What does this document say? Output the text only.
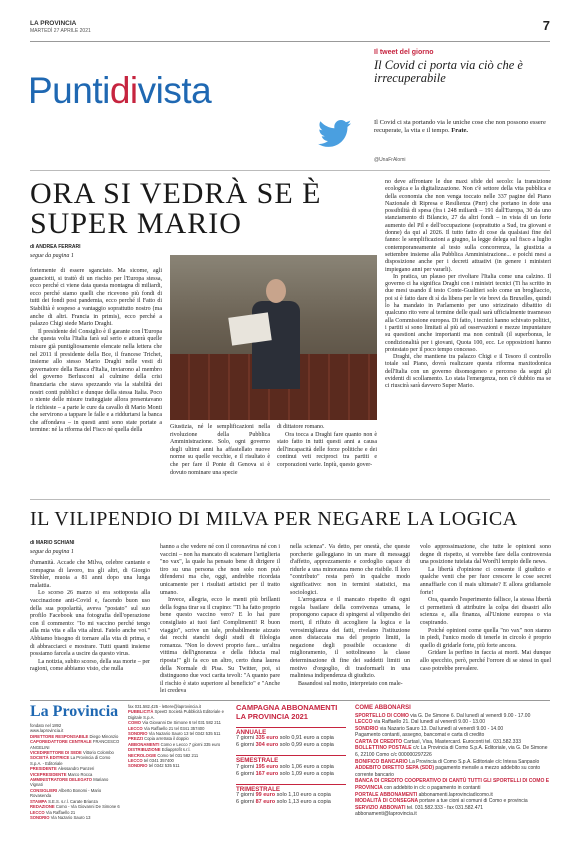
LA PROVINCIA
MARTEDÌ 27 APRILE 2021	7
Puntidivista
Il tweet del giorno
Il Covid ci porta via ciò che è irrecuperabile
Il Covid ci sta portando via le uniche cose che non possono essere recuperate, la vita e il tempo. Frate.
@UnaFrAlomi
ORA SI VEDRÀ SE È SUPER MARIO
di ANDREA FERRARI
segue da pagina 1

fortemente di essere sganciato. Ma sicome, agli guanciotti, si trattò di un rischio per l'Europa stessa, ecco perché ci viene data questa montagna di miliardi, ecco perché siamo quelli che ricevono più fondi di tutti dei fondi post pandemia, ecco perché il Fatto di Stabilità è sospeso a vantaggio soprattutto nostro (ma anche di altri. Francia in primis), ecco perché a palazzo Chigi siede Mario Draghi.

Il presidente del Consiglio è il garante con l'Europa che questa volta l'Italia farà sul serio e attuerà quelle misure già puntigliosamente elencate nella lettera che nel 2011 il presidente della Bce, il francese Trichet, insieme allo stesso Mario Draghi nelle vesti di governatore della Banca d'Italia, inviarono al membro del governo Berlusconi al culmine della crisi finanziaria che stava spezzando via la stabilità dei nostri conti pubblici e dunque della stessa Italia. Poco o niente delle misure tratteggiate allora presentavano le richieste – a parte le cure da cavallo di Mario Monti che servirono a tappare le falle e a riddurtarsi la banca che affondava – in questi anni sono state portate a termine: né la riforma del Fisco né quella della

Giustizia, né le semplificazioni nella rivoluzione della Pubblica Amministrazione. Solo, ogni governo degli ultimi anni ha affastellato nuove norme su quelle vecchie, e il risultato è che per fare il Ponte di Genova si è dovuto nominare una specie

di dittatore romano.

Ora tocca a Draghi fare quanto non è stato fatto in tutti questi anni a causa dell'incapacità delle forze politiche e dei continui veti reciproci tra partiti e corporazioni varie. Inpiù, questo gover-

no deve affrontare le due maxi sfide del secolo: la transizione ecologica e la digitalizzazione. Non c'è settore della vita pubblica e della economia che non venga toccato nelle 337 pagine del Piano Nazionale di Ripresa e Resilienza (Pnrr) che portano in dote una possibilità di spesa (fra i 248 miliardi – 191 dall'Europa, 30 da uno stanziamento di Bilancio, 27 da altri fondi – in vista di un forte aumento del Pil e dell'occupazione (soprattutto a Sud, tra giovani e donne) da qui al 2026. Il tutto fatto di cose da qualsiasi fine del fanno: le semplificazioni a giugno, la legge delega sul fisco a luglio contemporaneamente al testo sulla concorrenza, la giustizia a settembre insieme alla Pubblica Amministrazione... e poichi mesi a disposizione anche per i decreti attuativi (in genere i ministeri impiegano anni per vararli).

In pratica, un plauso per rivoltare l'Italia come una calzino. Il governo ci ha significa Draghi con i ministri tecnici (Ti ha scritto in due mesi usando il testo Conte-Gualtieri solo come un brogliaccio, poi si è fatto dare di sì da libera per le vie brevi da Bruxelles, quindi lo ha mandato in Parlamento per uno strizzinato dibattito di qualcuno rito vere al termine delle quali sarà ufficialmente trasmesso alla Commissione europea. Di fatto, i tecnici hanno schivato politici, i partiti si sono limitati al più ad osservazioni e mezze impuntature su questioni anche importanti ma non centrali (il superbonus, le condizionalità per i giovani, Quota 100, ecc. Le opposizioni hanno protestato per il poco tempo concesso.

Draghi, che mantiene tra palazzo Chigi e il Tesoro il controllo totale sul Piano, dovrà realizzare questa riforma maxitodonica dell'Italia con un governo disomogeneo e percorso da segni gli evidenti di scollamento. Lo stata l'emergenza, non c'è dubbio ma se ci riuscirà sarà davvero Super Mario.

IL VILIPENDIO DI MILVA PER NEGARE LA LOGICA
di MARIO SCHIANI
segue da pagina 1

d'umanità. Accade che Milva, celebre cantante e compagna di lavoro, tra gli altri, di Giorgio Strehler, muoia a 81 anni dopo una lunga malattia.

Lo scorso 26 marzo si era sottoposta alla vaccinazione anti-Covid e, facendo buon uso della sua popolarità, aveva "postato" sul suo profilo Facebook una fotografia dell'operazione con il commento: "Io mi vaccino perché tengo alla mia vita e alla vita altrui. Fatelo anche voi." Abbiamo bisogno di tornare alla vita di prima, e di abbracciarci e mostrare. Tutti quanti insieme possiamo farcela a uscire da questo virus.

La notizia, subito scorso, della sua morte – per ragioni, come abbiamo visto, che nulla

hanno a che vedere né con il coronavirus né con i vaccini – non ha mancato di scatenare l'artiglieria "no vax", la quale ha pensato bene di dirigere il tiro su una persona che non solo non può difendersi ma che, oggi, andrebbe ricordata unicamente per i risultati artistici per il tratto umano.

Invece, allegria, ecco le menti più brillanti della fogna tirar su il crapino: "Ti ha fatto proprio bene questo vaccino vero? E lo hai pure consigliato ai tuoi fan! Complimenti! R buon viaggio", scrive un tale, probabilmente aizzato dai recchi stanchi degli studi di filologia romanza. "Non lo dovevi proprio fare... un'altra vittima dell'ignoranza e della fiducia mal riposta!" gli fa eco un altro, certo duna laurea della Normale di Pisa. Su Twitter, poi, si distinguono due voci carita tevoli: "A quanto pare il rischio è stato superiore al beneficio" e "Anche lei credeva

nella scienza". Va detto, per onestà, che queste porcherie galleggiano in un mare di messaggi d'affetto, apprezzamento e cordoglio capace di ridurle a una minoranza meno che risibile. Il loro "contributo" resta però in qualche modo significativo: non in termini statistici, ma sociologici.

L'arroganza e il mancato rispetto di ogni regola basilare della convivenza umana, le propongono capace di spingersi al vilipendio dei morti, il rifiuto di accogliere la logica e la verosimiglianza dei fatti, rivelano l'istituzione anon distaccata ma del proprio limiti, la negazione degli possibile occasione di miglioramento, il sottolineano la classe determinazione di fine dei suddetti limiti un motivo d'orgoglio, di trasformarli in una malintesa indipendenza di giudizio.

Basandosi sul motto, interpretato con male-

volo approssimazione, che tutte le opinioni sono degne di rispetto, si vorrebbe fare della controversia una posizione tutelata dal Word'il tempio delle news.

La libertà d'opinione ci consente il giudizio e qualche venti che per fuor crescere le cose secret annaffiarle con il mais ultimate? E allora gridiamole forte!

Ora, quando l'esperimento fallisce, la stessa libertà ci permetterà di attribuire la colpa dei disastri allo scienza e, alla finanza, all'Unione europea o via cospirando.

Poiché opinioni come quella "no vax" non stanno in piedi, l'unico modo di tenerle in circolo è proprio quello di gridarle forte, più forte ancora.

Gridare la perfino in faccia ai morti. Mai dunque allo specchio, però, perché l'orrore di se stessi in quel caso potrebbe prevalere.

La Provincia
fondato nel 1892
www.laprovincia.it
DIRETTORE RESPONSABILE Diego Minonzio
CAPOREDATTORE CENTRALE FRANCESCO ANGELINI
VICEDIRETTORE DI SEDE Vittorio Colombo
SOCIETÀ EDITRICE La Provincia di Como S.p.A. - Editoriale
PRESIDENTE Alessandro Panzeri
VICEPRESIDENTE Marco Rocca
AMMINISTRATORE DELEGATO Mariano Vignati
CONSIGLIERI Alberto Bonomi - Mario Rovasenda
STAMPA S.E.S. s.r.l. Carate Brianza
REDAZIONE Como - Via Giovanni De Simone 6
LECCO Via Raffaello 21
SONDRIO Via Nazario Sauro 13
fax 031.582.425 - lettere@laprovincia.it
PUBBLICITÀ SpeeD Società Pubblicità Editoriale e Digitale S.p.A.
COMO Via Giovanni De Simone 6 tel 031 582 211
LECCO Via Raffaello 21 tel 0341 357400
SONDRIO Via Nazario Sauro 13 tel 0342 535 511
PREZZI Copia arretrata il doppio
ABBONAMENTI Como e Lecco 7 giorni 335 euro
DISTRIBUZIONE Ediapprofit s.r.l.
NECROLOGIE Como tel 031 582 211
LECCO tel 0341 357400
SONDRIO tel 0342 535 511
CAMPAGNA ABBONAMENTI LA PROVINCIA 2021
ANNUALE
7 giorni 335 euro solo 0,91 euro a copia
6 giorni 304 euro solo 0,99 euro a copia
SEMESTRALE
7 giorni 195 euro solo 1,06 euro a copia
6 giorni 167 euro solo 1,09 euro a copia
TRIMESTRALE
7 giorni 99 euro solo 1,10 euro a copia
6 giorni 87 euro solo 1,13 euro a copia
COME ABBONARSI
SPORTELLO DI COMO via G. De Simone 6. Dal lunedì al venerdì 9.00 - 17.00
LECCO via Raffaello 21. Dal lunedì al venerdì 9.00 - 13.00
SONDRIO via Nazario Sauro 13. Dal lunedì al venerdì 9.00 - 14.00
Pagamento contanti, assegno, bancomat e carta di credito
CARTA DI CREDITO Cartasì, Visa, Mastercard. Euroconti tel. 031.582.333
BOLLETTINO POSTALE c/c La Provincia di Como S.p.A. Editoriale, via G. De Simone 6, 22100 Como c/c 000000297226
BONIFICO BANCARIO La Provincia di Como S.p.A. Editoriale c/c Intesa Sanpaolo
ADDEBITO DIRETTO SEPA (SDD) pagamento mensile a mezzo addebito su conto corrente bancario
BANCA DI CREDITO COOPERATIVO DI CANTÙ TUTTI GLI SPORTELLI DI COMO E PROVINCIA con addebito in c/c o pagamento in contanti
PORTALE ABBONAMENTI abbonamenti.laprovinciadicomo.it
MODALITÀ DI CONSEGNA portare a tue cioni ai comuni di Como e provincia
SERVIZIO ABBONATI tel. 031.582.333 - fax 031.582.471
abbonamenti@laprovincia.it
